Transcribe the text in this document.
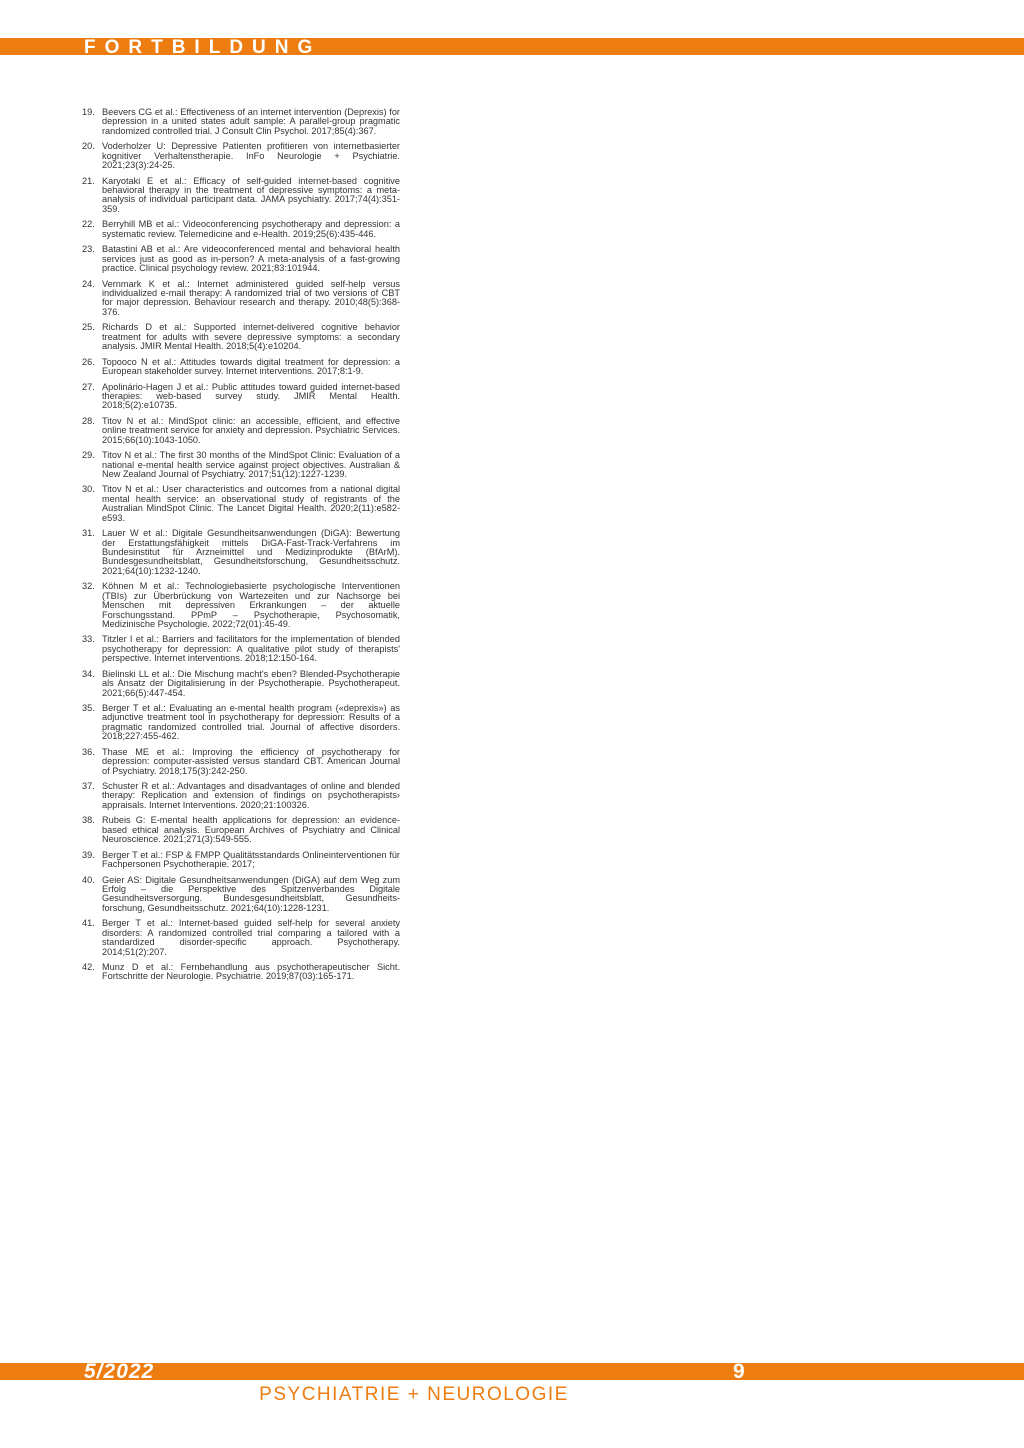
FORTBILDUNG
19. Beevers CG et al.: Effectiveness of an internet intervention (Deprexis) for depression in a united states adult sample: A parallel-group pragmatic randomized controlled trial. J Consult Clin Psychol. 2017;85(4):367.
20. Voderholzer U: Depressive Patienten profitieren von internetbasierter kognitiver Verhaltenstherapie. InFo Neurologie + Psychiatrie. 2021;23(3):24-25.
21. Karyotaki E et al.: Efficacy of self-guided internet-based cognitive behavioral therapy in the treatment of depressive symptoms: a meta-analysis of individual participant data. JAMA psychiatry. 2017;74(4):351-359.
22. Berryhill MB et al.: Videoconferencing psychotherapy and depression: a systematic review. Telemedicine and e-Health. 2019;25(6):435-446.
23. Batastini AB et al.: Are videoconferenced mental and behavioral health services just as good as in-person? A meta-analysis of a fast-growing practice. Clinical psychology review. 2021;83:101944.
24. Vernmark K et al.: Internet administered guided self-help versus individualized e-mail therapy: A randomized trial of two versions of CBT for major depression. Behaviour research and therapy. 2010;48(5):368-376.
25. Richards D et al.: Supported internet-delivered cognitive behavior treatment for adults with severe depressive symptoms: a secondary analysis. JMIR Mental Health. 2018;5(4):e10204.
26. Topooco N et al.: Attitudes towards digital treatment for depression: a European stakeholder survey. Internet interventions. 2017;8:1-9.
27. Apolinário-Hagen J et al.: Public attitudes toward guided internet-based therapies: web-based survey study. JMIR Mental Health. 2018;5(2):e10735.
28. Titov N et al.: MindSpot clinic: an accessible, efficient, and effective online treatment service for anxiety and depression. Psychiatric Services. 2015;66(10):1043-1050.
29. Titov N et al.: The first 30 months of the MindSpot Clinic: Evaluation of a national e-mental health service against project objectives. Australian & New Zealand Journal of Psychiatry. 2017;51(12):1227-1239.
30. Titov N et al.: User characteristics and outcomes from a national digital mental health service: an observational study of registrants of the Australian MindSpot Clinic. The Lancet Digital Health. 2020;2(11):e582-e593.
31. Lauer W et al.: Digitale Gesundheitsanwendungen (DiGA): Bewertung der Erstattungsfähigkeit mittels DiGA-Fast-Track-Verfahrens im Bundesinstitut für Arzneimittel und Medizinprodukte (BfArM). Bundesgesundheitsblatt, Gesundheitsforschung, Gesundheitsschutz. 2021;64(10):1232-1240.
32. Köhnen M et al.: Technologiebasierte psychologische Interventionen (TBIs) zur Überbrückung von Wartezeiten und zur Nachsorge bei Menschen mit depressiven Erkrankungen – der aktuelle Forschungsstand. PPmP – Psychotherapie, Psychosomatik, Medizinische Psychologie. 2022;72(01):45-49.
33. Titzler I et al.: Barriers and facilitators for the implementation of blended psychotherapy for depression: A qualitative pilot study of therapists' perspective. Internet interventions. 2018;12:150-164.
34. Bielinski LL et al.: Die Mischung macht's eben? Blended-Psychotherapie als Ansatz der Digitalisierung in der Psychotherapie. Psychotherapeut. 2021;66(5):447-454.
35. Berger T et al.: Evaluating an e-mental health program («deprexis») as adjunctive treatment tool in psychotherapy for depression: Results of a pragmatic randomized controlled trial. Journal of affective disorders. 2018;227:455-462.
36. Thase ME et al.: Improving the efficiency of psychotherapy for depression: computer-assisted versus standard CBT. American Journal of Psychiatry. 2018;175(3):242-250.
37. Schuster R et al.: Advantages and disadvantages of online and blended therapy: Replication and extension of findings on psychotherapists› appraisals. Internet Interventions. 2020;21:100326.
38. Rubeis G: E-mental health applications for depression: an evidence-based ethical analysis. European Archives of Psychiatry and Clinical Neuroscience. 2021;271(3):549-555.
39. Berger T et al.: FSP & FMPP Qualitätsstandards Onlineinterventionen für Fachpersonen Psychotherapie. 2017;
40. Geier AS: Digitale Gesundheitsanwendungen (DiGA) auf dem Weg zum Erfolg – die Perspektive des Spitzenverbandes Digitale Gesundheitsversorgung. Bundesgesundheitsblatt, Gesundheits-forschung, Gesundheitsschutz. 2021;64(10):1228-1231.
41. Berger T et al.: Internet-based guided self-help for several anxiety disorders: A randomized controlled trial comparing a tailored with a standardized disorder-specific approach. Psychotherapy. 2014;51(2):207.
42. Munz D et al.: Fernbehandlung aus psychotherapeutischer Sicht. Fortschritte der Neurologie. Psychiatrie. 2019;87(03):165-171.
5/2022	9
PSYCHIATRIE + NEUROLOGIE
